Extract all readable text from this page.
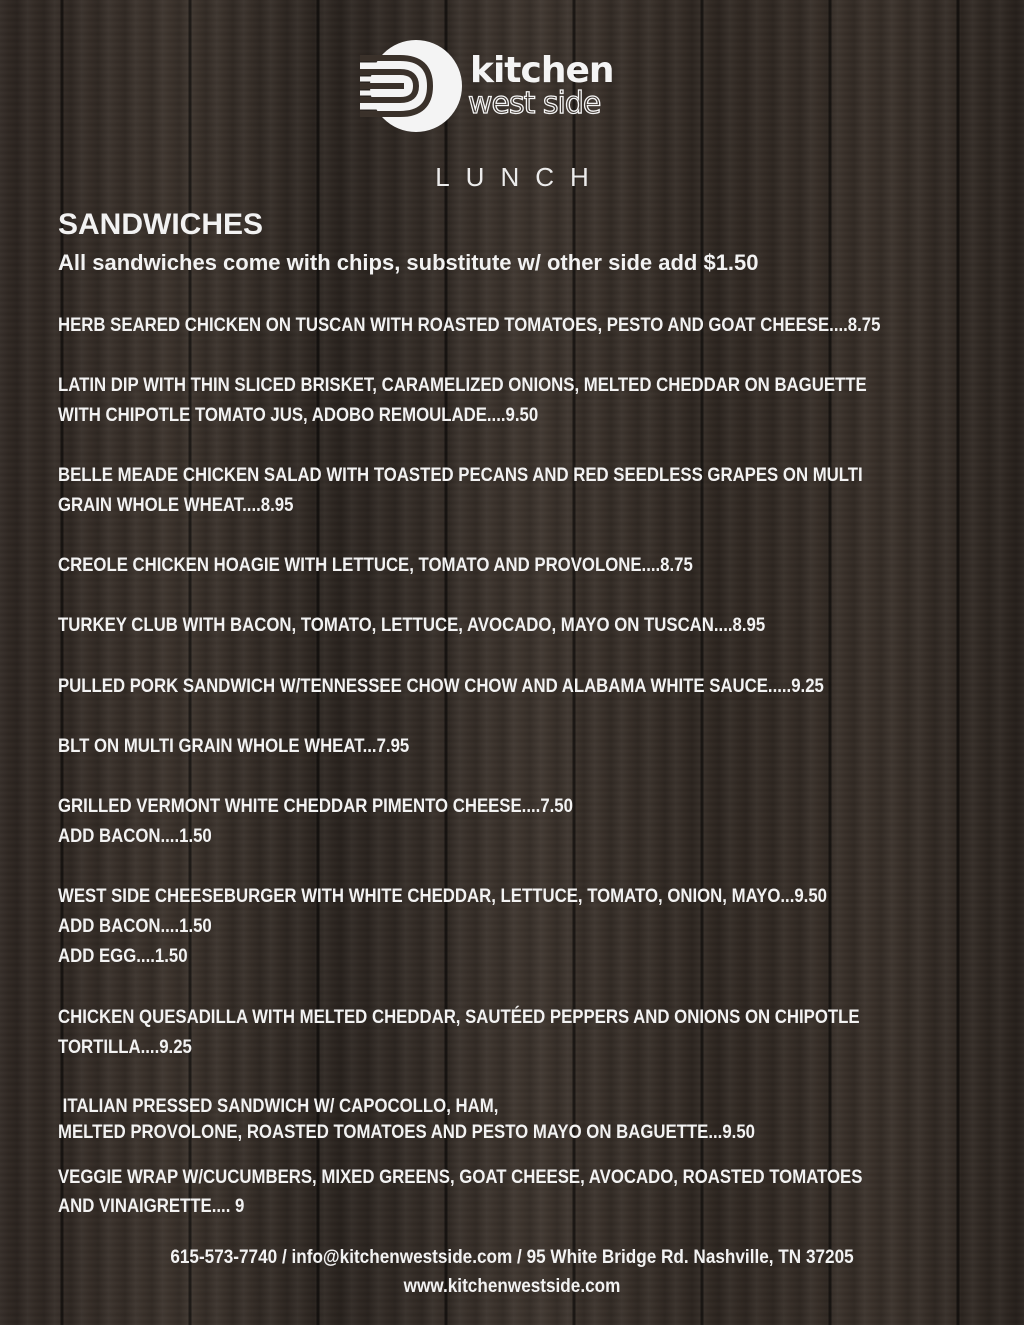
kitchen
west side
LUNCH
SANDWICHES
All sandwiches come with chips, substitute w/ other side add $1.50
HERB SEARED CHICKEN ON TUSCAN WITH ROASTED TOMATOES, PESTO AND GOAT CHEESE....8.75
LATIN DIP WITH THIN SLICED BRISKET, CARAMELIZED ONIONS, MELTED CHEDDAR ON BAGUETTE
WITH CHIPOTLE TOMATO JUS, ADOBO REMOULADE....9.50
BELLE MEADE CHICKEN SALAD WITH TOASTED PECANS AND RED SEEDLESS GRAPES ON MULTI
GRAIN WHOLE WHEAT....8.95
CREOLE CHICKEN HOAGIE WITH LETTUCE, TOMATO AND PROVOLONE....8.75
TURKEY CLUB WITH BACON, TOMATO, LETTUCE, AVOCADO, MAYO ON TUSCAN....8.95
PULLED PORK SANDWICH W/TENNESSEE CHOW CHOW AND ALABAMA WHITE SAUCE.....9.25
BLT ON MULTI GRAIN WHOLE WHEAT...7.95
GRILLED VERMONT WHITE CHEDDAR PIMENTO CHEESE....7.50
ADD BACON....1.50
WEST SIDE CHEESEBURGER WITH WHITE CHEDDAR, LETTUCE, TOMATO, ONION, MAYO...9.50
ADD BACON....1.50
ADD EGG....1.50
CHICKEN QUESADILLA WITH MELTED CHEDDAR, SAUTÉED PEPPERS AND ONIONS ON CHIPOTLE
TORTILLA....9.25
ITALIAN PRESSED SANDWICH W/ CAPOCOLLO, HAM,
MELTED PROVOLONE, ROASTED TOMATOES AND PESTO MAYO ON BAGUETTE...9.50
VEGGIE WRAP W/CUCUMBERS, MIXED GREENS, GOAT CHEESE, AVOCADO, ROASTED TOMATOES
AND VINAIGRETTE.... 9
615-573-7740 / info@kitchenwestside.com / 95 White Bridge Rd. Nashville, TN 37205
www.kitchenwestside.com
